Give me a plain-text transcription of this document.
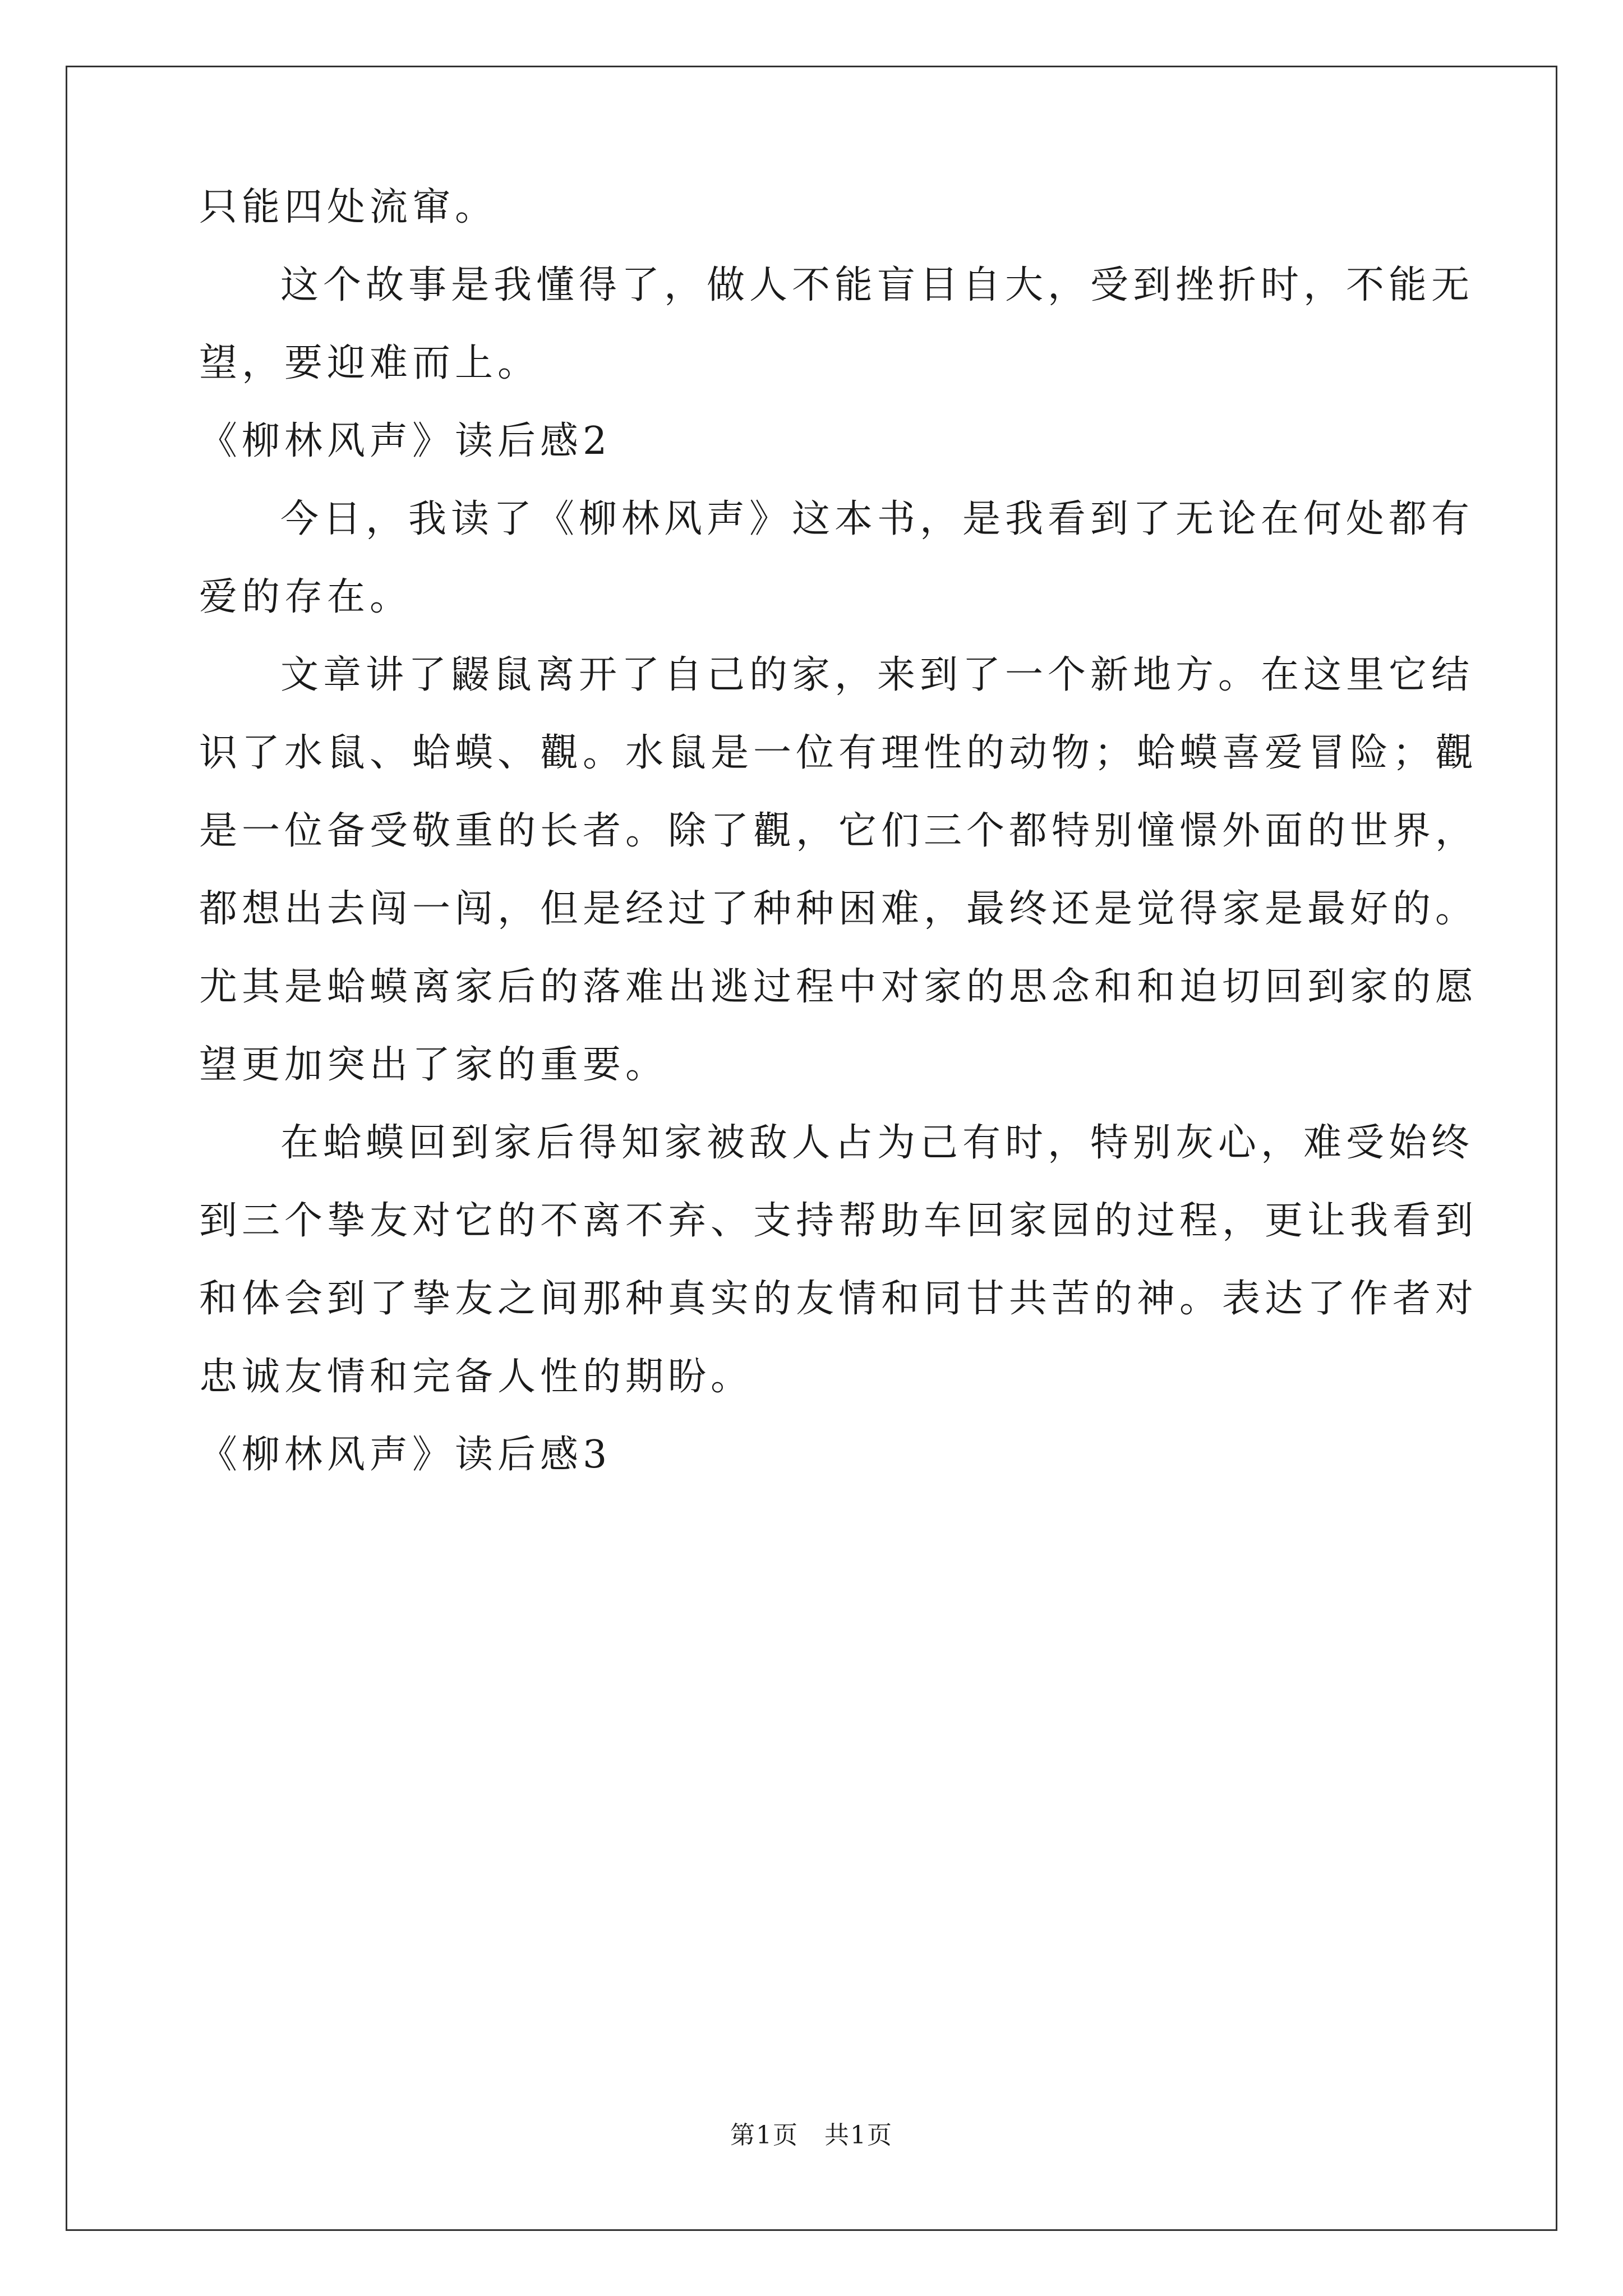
只能四处流窜。
这个故事是我懂得了，做人不能盲目自大，受到挫折时，不能无
望，要迎难而上。
《柳林风声》读后感2
今日，我读了《柳林风声》这本书，是我看到了无论在何处都有
爱的存在。
文章讲了鼹鼠离开了自己的家，来到了一个新地方。在这里它结
识了水鼠、蛤蟆、觀。水鼠是一位有理性的动物；蛤蟆喜爱冒险；觀
是一位备受敬重的长者。除了觀，它们三个都特别憧憬外面的世界，
都想出去闯一闯，但是经过了种种困难，最终还是觉得家是最好的。
尤其是蛤蟆离家后的落难出逃过程中对家的思念和和迫切回到家的愿
望更加突出了家的重要。
在蛤蟆回到家后得知家被敌人占为己有时，特别灰心，难受始终
到三个挚友对它的不离不弃、支持帮助车回家园的过程，更让我看到
和体会到了挚友之间那种真实的友情和同甘共苦的神。表达了作者对
忠诚友情和完备人性的期盼。
《柳林风声》读后感3
第1页　共1页
